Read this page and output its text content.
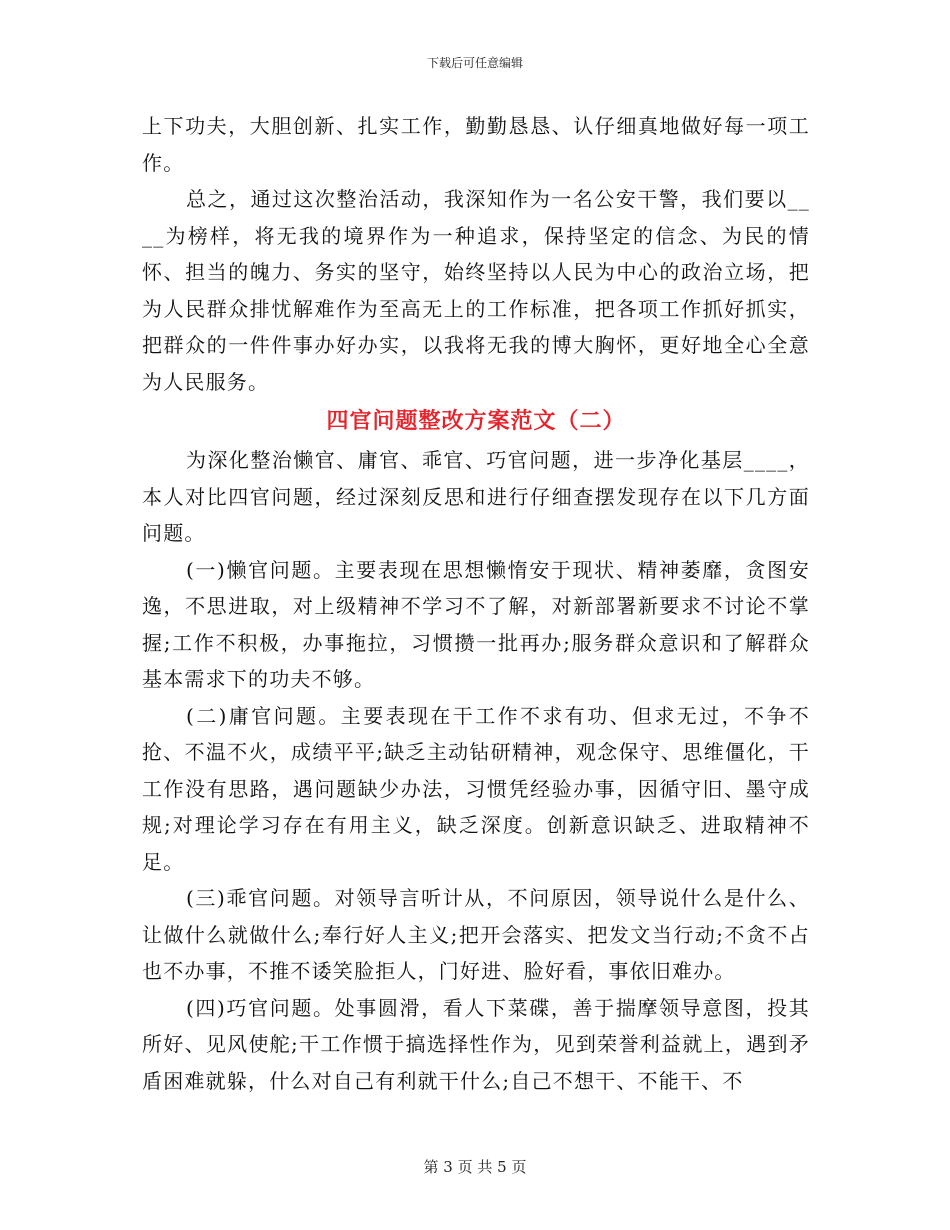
下载后可任意编辑

上下功夫，大胆创新、扎实工作，勤勤恳恳、认仔细真地做好每一项工作。

总之，通过这次整治活动，我深知作为一名公安干警，我们要以____为榜样，将无我的境界作为一种追求，保持坚定的信念、为民的情怀、担当的魄力、务实的坚守，始终坚持以人民为中心的政治立场，把为人民群众排忧解难作为至高无上的工作标准，把各项工作抓好抓实，把群众的一件件事办好办实，以我将无我的博大胸怀，更好地全心全意为人民服务。

四官问题整改方案范文（二）

为深化整治懒官、庸官、乖官、巧官问题，进一步净化基层____，本人对比四官问题，经过深刻反思和进行仔细查摆发现存在以下几方面问题。

(一)懒官问题。主要表现在思想懒惰安于现状、精神萎靡，贪图安逸，不思进取，对上级精神不学习不了解，对新部署新要求不讨论不掌握;工作不积极，办事拖拉，习惯攒一批再办;服务群众意识和了解群众基本需求下的功夫不够。

(二)庸官问题。主要表现在干工作不求有功、但求无过，不争不抢、不温不火，成绩平平;缺乏主动钻研精神，观念保守、思维僵化，干工作没有思路，遇问题缺少办法，习惯凭经验办事，因循守旧、墨守成规;对理论学习存在有用主义，缺乏深度。创新意识缺乏、进取精神不足。

(三)乖官问题。对领导言听计从，不问原因，领导说什么是什么、让做什么就做什么;奉行好人主义;把开会落实、把发文当行动;不贪不占也不办事，不推不诿笑脸拒人，门好进、脸好看，事依旧难办。

(四)巧官问题。处事圆滑，看人下菜碟，善于揣摩领导意图，投其所好、见风使舵;干工作惯于搞选择性作为，见到荣誉利益就上，遇到矛盾困难就躲，什么对自己有利就干什么;自己不想干、不能干、不

第 3 页 共 5 页
